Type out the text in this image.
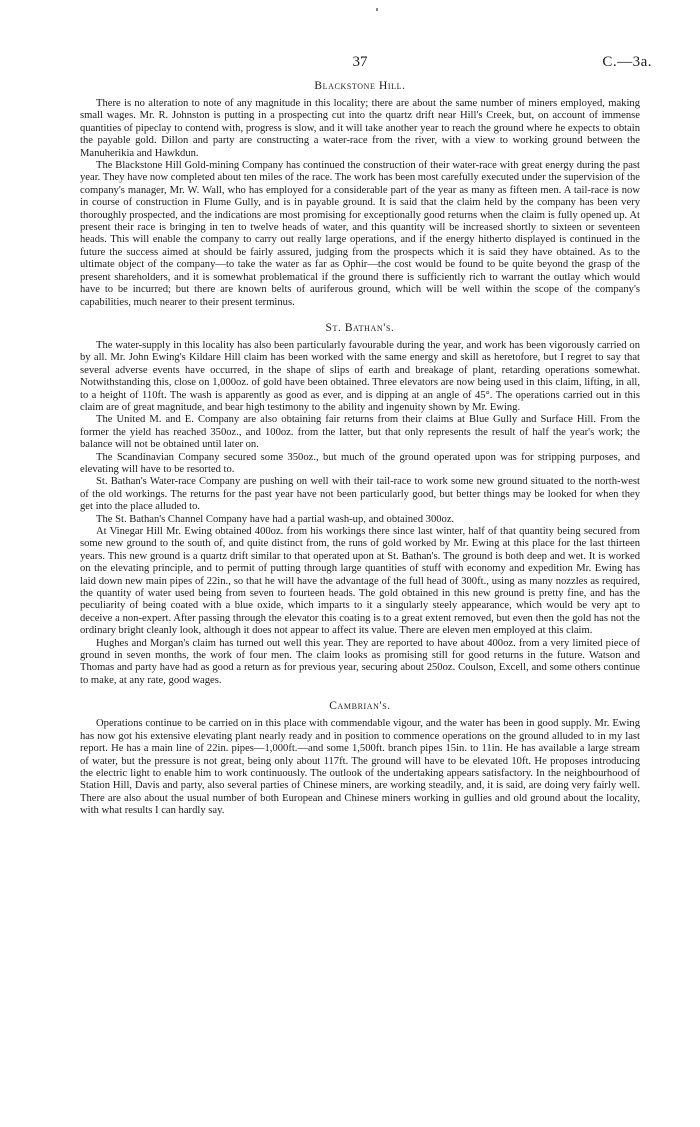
37	C.—3a.
Blackstone Hill.

There is no alteration to note of any magnitude in this locality; there are about the same number of miners employed, making small wages. Mr. R. Johnston is putting in a prospecting cut into the quartz drift near Hill's Creek, but, on account of immense quantities of pipeclay to contend with, progress is slow, and it will take another year to reach the ground where he expects to obtain the payable gold. Dillon and party are constructing a water-race from the river, with a view to working ground between the Manuherikia and Hawkdun.

The Blackstone Hill Gold-mining Company has continued the construction of their water-race with great energy during the past year. They have now completed about ten miles of the race. The work has been most carefully executed under the supervision of the company's manager, Mr. W. Wall, who has employed for a considerable part of the year as many as fifteen men. A tail-race is now in course of construction in Flume Gully, and is in payable ground. It is said that the claim held by the company has been very thoroughly prospected, and the indications are most promising for exceptionally good returns when the claim is fully opened up. At present their race is bringing in ten to twelve heads of water, and this quantity will be increased shortly to sixteen or seventeen heads. This will enable the company to carry out really large operations, and if the energy hitherto displayed is continued in the future the success aimed at should be fairly assured, judging from the prospects which it is said they have obtained. As to the ultimate object of the company—to take the water as far as Ophir—the cost would be found to be quite beyond the grasp of the present shareholders, and it is somewhat problematical if the ground there is sufficiently rich to warrant the outlay which would have to be incurred; but there are known belts of auriferous ground, which will be well within the scope of the company's capabilities, much nearer to their present terminus.

St. Bathan's.

The water-supply in this locality has also been particularly favourable during the year, and work has been vigorously carried on by all. Mr. John Ewing's Kildare Hill claim has been worked with the same energy and skill as heretofore, but I regret to say that several adverse events have occurred, in the shape of slips of earth and breakage of plant, retarding operations somewhat. Notwithstanding this, close on 1,000oz. of gold have been obtained. Three elevators are now being used in this claim, lifting, in all, to a height of 110ft. The wash is apparently as good as ever, and is dipping at an angle of 45°. The operations carried out in this claim are of great magnitude, and bear high testimony to the ability and ingenuity shown by Mr. Ewing.

The United M. and E. Company are also obtaining fair returns from their claims at Blue Gully and Surface Hill. From the former the yield has reached 350oz., and 100oz. from the latter, but that only represents the result of half the year's work; the balance will not be obtained until later on.

The Scandinavian Company secured some 350oz., but much of the ground operated upon was for stripping purposes, and elevating will have to be resorted to.

St. Bathan's Water-race Company are pushing on well with their tail-race to work some new ground situated to the north-west of the old workings. The returns for the past year have not been particularly good, but better things may be looked for when they get into the place alluded to.

The St. Bathan's Channel Company have had a partial wash-up, and obtained 300oz.

At Vinegar Hill Mr. Ewing obtained 400oz. from his workings there since last winter, half of that quantity being secured from some new ground to the south of, and quite distinct from, the runs of gold worked by Mr. Ewing at this place for the last thirteen years. This new ground is a quartz drift similar to that operated upon at St. Bathan's. The ground is both deep and wet. It is worked on the elevating principle, and to permit of putting through large quantities of stuff with economy and expedition Mr. Ewing has laid down new main pipes of 22in., so that he will have the advantage of the full head of 300ft., using as many nozzles as required, the quantity of water used being from seven to fourteen heads. The gold obtained in this new ground is pretty fine, and has the peculiarity of being coated with a blue oxide, which imparts to it a singularly steely appearance, which would be very apt to deceive a non-expert. After passing through the elevator this coating is to a great extent removed, but even then the gold has not the ordinary bright cleanly look, although it does not appear to affect its value. There are eleven men employed at this claim.

Hughes and Morgan's claim has turned out well this year. They are reported to have about 400oz. from a very limited piece of ground in seven months, the work of four men. The claim looks as promising still for good returns in the future. Watson and Thomas and party have had as good a return as for previous year, securing about 250oz. Coulson, Excell, and some others continue to make, at any rate, good wages.

Cambrian's.

Operations continue to be carried on in this place with commendable vigour, and the water has been in good supply. Mr. Ewing has now got his extensive elevating plant nearly ready and in position to commence operations on the ground alluded to in my last report. He has a main line of 22in. pipes—1,000ft.—and some 1,500ft. branch pipes 15in. to 11in. He has available a large stream of water, but the pressure is not great, being only about 117ft. The ground will have to be elevated 10ft. He proposes introducing the electric light to enable him to work continuously. The outlook of the undertaking appears satisfactory. In the neighbourhood of Station Hill, Davis and party, also several parties of Chinese miners, are working steadily, and, it is said, are doing very fairly well. There are also about the usual number of both European and Chinese miners working in gullies and old ground about the locality, with what results I can hardly say.
